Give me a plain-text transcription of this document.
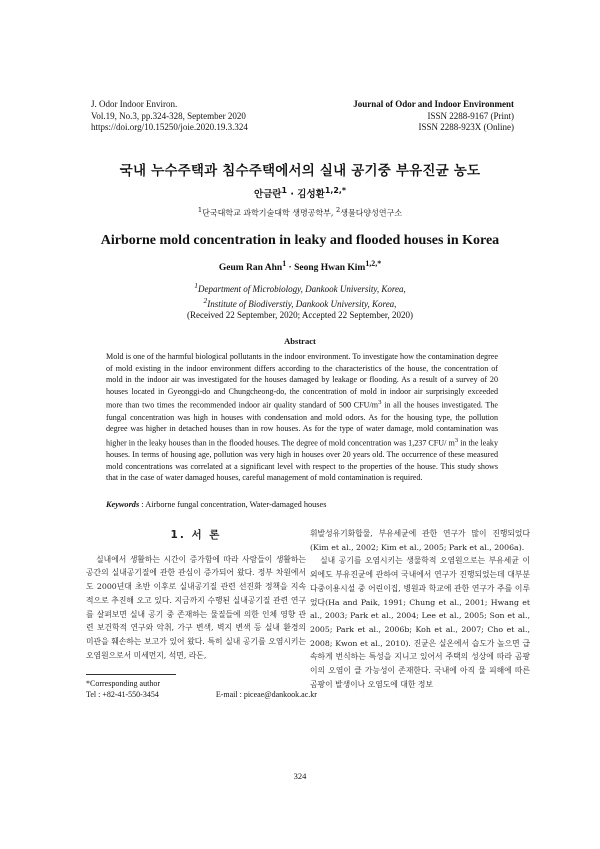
J. Odor Indoor Environ.
Vol.19, No.3, pp.324-328, September 2020
https://doi.org/10.15250/joie.2020.19.3.324
Journal of Odor and Indoor Environment
ISSN 2288-9167 (Print)
ISSN 2288-923X (Online)
국내 누수주택과 침수주택에서의 실내 공기중 부유진균 농도
안금란$^1$ · 김성환$^{1,2,*}$
$^1$단국대학교 과학기술대학 생명공학부, $^2$생물다양성연구소
Airborne mold concentration in leaky and flooded houses in Korea
Geum Ran Ahn$^1$ · Seong Hwan Kim$^{1,2,*}$
$^1$Department of Microbiology, Dankook University, Korea,
$^2$Institute of Biodiverstiy, Dankook University, Korea,
(Received 22 September, 2020; Accepted 22 September, 2020)
Abstract
Mold is one of the harmful biological pollutants in the indoor environment. To investigate how the contamination degree of mold existing in the indoor environment differs according to the characteristics of the house, the concentration of mold in the indoor air was investigated for the houses damaged by leakage or flooding. As a result of a survey of 20 houses located in Gyeonggi-do and Chungcheong-do, the concentration of mold in indoor air surprisingly exceeded more than two times the recommended indoor air quality standard of 500 CFU/$m^3$ in all the houses investigated. The fungal concentration was high in houses with condensation and mold odors. As for the housing type, the pollution degree was higher in detached houses than in row houses. As for the type of water damage, mold contamination was higher in the leaky houses than in the flooded houses. The degree of mold concentration was 1,237 CFU/ $m^3$ in the leaky houses. In terms of housing age, pollution was very high in houses over 20 years old. The occurrence of these measured mold concentrations was correlated at a significant level with respect to the properties of the house. This study shows that in the case of water damaged houses, careful management of mold contamination is required.
Keywords : Airborne fungal concentration, Water-damaged houses
1. 서 론

실내에서 생활하는 시간이 증가함에 따라 사람들이 생활하는 공간의 실내공기질에 관한 관심이 증가되어 왔다. 정부 차원에서도 2000년대 초반 이후로 실내공기질 관련 선진화 정책을 지속적으로 추진해 오고 있다. 지금까지 수행된 실내공기질 관련 연구를 살펴보면 실내 공기 중 존재하는 물질들에 의한 인체 영향 관련 보건학적 연구와 악취, 가구 변색, 벽지 변색 등 실내 환경의 미관을 훼손하는 보고가 있어 왔다. 특히 실내 공기를 오염시키는 오염원으로서 미세먼지, 석면, 라돈,

휘발성유기화합물, 부유세균에 관한 연구가 많이 진행되었다(Kim et al., 2002; Kim et al., 2005; Park et al., 2006a).

실내 공기를 오염시키는 생물학적 오염원으로는 부유세균 이외에도 부유진균에 관하여 국내에서 연구가 진행되었는데 대부분 다중이용시설 중 어린이집, 병원과 학교에 관한 연구가 주를 이루었다(Ha and Paik, 1991; Chung et al., 2001; Hwang et al., 2003; Park et al., 2004; Lee et al., 2005; Son et al., 2005; Park et al., 2006b; Koh et al., 2007; Cho et al., 2008; Kwon et al., 2010). 진균은 실온에서 습도가 높으면 급속하게 번식하는 특성을 지니고 있어서 주택의 성상에 따라 곰팡이의 오염이 클 가능성이 존재한다. 국내에 아직 물 피해에 따른 곰팡이 발생이나 오염도에 대한 정보

*Corresponding author
Tel : +82-41-550-3454	E-mail : piceae@dankook.ac.kr
324
